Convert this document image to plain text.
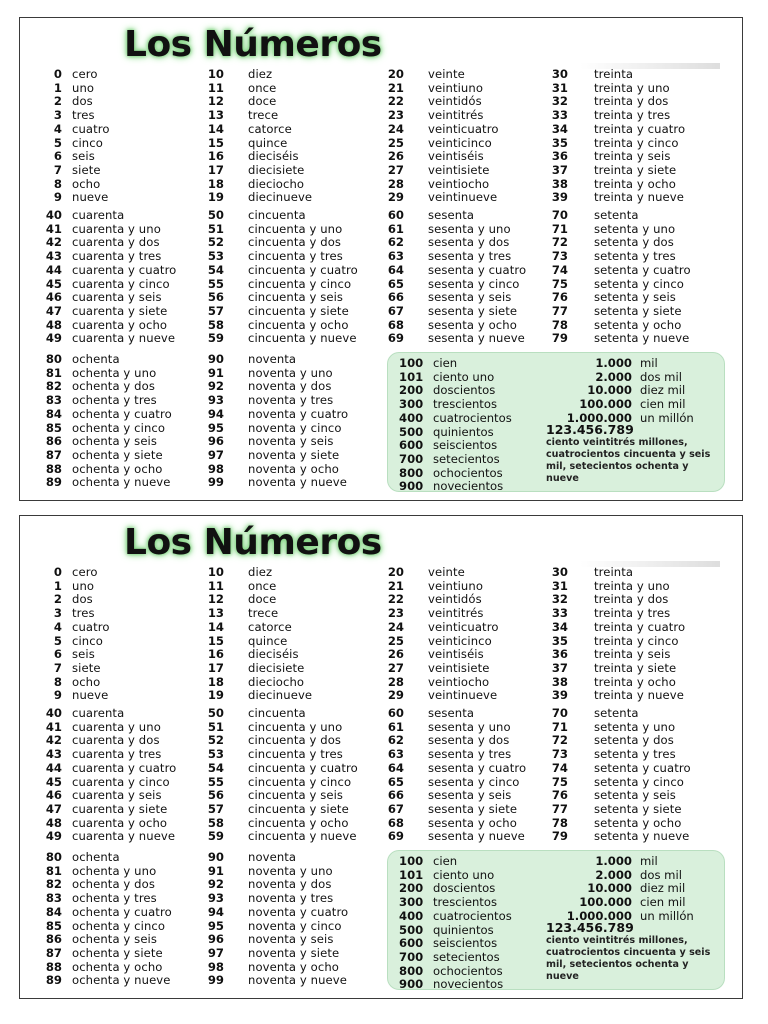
Los Números
0 cero
1 uno
2 dos
3 tres
4 cuatro
5 cinco
6 seis
7 siete
8 ocho
9 nueve
40 cuarenta
41 cuarenta y uno
42 cuarenta y dos
43 cuarenta y tres
44 cuarenta y cuatro
45 cuarenta y cinco
46 cuarenta y seis
47 cuarenta y siete
48 cuarenta y ocho
49 cuarenta y nueve
80 ochenta
81 ochenta y uno
82 ochenta y dos
83 ochenta y tres
84 ochenta y cuatro
85 ochenta y cinco
86 ochenta y seis
87 ochenta y siete
88 ochenta y ocho
89 ochenta y nueve
10 diez
11 once
12 doce
13 trece
14 catorce
15 quince
16 dieciséis
17 diecisiete
18 dieciocho
19 diecinueve
50 cincuenta
51 cincuenta y uno
52 cincuenta y dos
53 cincuenta y tres
54 cincuenta y cuatro
55 cincuenta y cinco
56 cincuenta y seis
57 cincuenta y siete
58 cincuenta y ocho
59 cincuenta y nueve
90 noventa
91 noventa y uno
92 noventa y dos
93 noventa y tres
94 noventa y cuatro
95 noventa y cinco
96 noventa y seis
97 noventa y siete
98 noventa y ocho
99 noventa y nueve
20 veinte
21 veintiuno
22 veintidós
23 veintitrés
24 veinticuatro
25 veinticinco
26 veintiséis
27 veintisiete
28 veintiocho
29 veintinueve
60 sesenta
61 sesenta y uno
62 sesenta y dos
63 sesenta y tres
64 sesenta y cuatro
65 sesenta y cinco
66 sesenta y seis
67 sesenta y siete
68 sesenta y ocho
69 sesenta y nueve
30 treinta
31 treinta y uno
32 treinta y dos
33 treinta y tres
34 treinta y cuatro
35 treinta y cinco
36 treinta y seis
37 treinta y siete
38 treinta y ocho
39 treinta y nueve
70 setenta
71 setenta y uno
72 setenta y dos
73 setenta y tres
74 setenta y cuatro
75 setenta y cinco
76 setenta y seis
77 setenta y siete
78 setenta y ocho
79 setenta y nueve
100 cien
101 ciento uno
200 doscientos
300 trescientos
400 cuatrocientos
500 quinientos
600 seiscientos
700 setecientos
800 ochocientos
900 novecientos
1.000 mil
2.000 dos mil
10.000 diez mil
100.000 cien mil
1.000.000 un millón
123.456.789
ciento veintitrés millones, cuatrocientos cincuenta y seis mil, setecientos ochenta y nueve
Los Números
0 cero
1 uno
2 dos
3 tres
4 cuatro
5 cinco
6 seis
7 siete
8 ocho
9 nueve
40 cuarenta
41 cuarenta y uno
42 cuarenta y dos
43 cuarenta y tres
44 cuarenta y cuatro
45 cuarenta y cinco
46 cuarenta y seis
47 cuarenta y siete
48 cuarenta y ocho
49 cuarenta y nueve
80 ochenta
81 ochenta y uno
82 ochenta y dos
83 ochenta y tres
84 ochenta y cuatro
85 ochenta y cinco
86 ochenta y seis
87 ochenta y siete
88 ochenta y ocho
89 ochenta y nueve
10 diez
11 once
12 doce
13 trece
14 catorce
15 quince
16 dieciséis
17 diecisiete
18 dieciocho
19 diecinueve
50 cincuenta
51 cincuenta y uno
52 cincuenta y dos
53 cincuenta y tres
54 cincuenta y cuatro
55 cincuenta y cinco
56 cincuenta y seis
57 cincuenta y siete
58 cincuenta y ocho
59 cincuenta y nueve
90 noventa
91 noventa y uno
92 noventa y dos
93 noventa y tres
94 noventa y cuatro
95 noventa y cinco
96 noventa y seis
97 noventa y siete
98 noventa y ocho
99 noventa y nueve
20 veinte
21 veintiuno
22 veintidós
23 veintitrés
24 veinticuatro
25 veinticinco
26 veintiséis
27 veintisiete
28 veintiocho
29 veintinueve
60 sesenta
61 sesenta y uno
62 sesenta y dos
63 sesenta y tres
64 sesenta y cuatro
65 sesenta y cinco
66 sesenta y seis
67 sesenta y siete
68 sesenta y ocho
69 sesenta y nueve
30 treinta
31 treinta y uno
32 treinta y dos
33 treinta y tres
34 treinta y cuatro
35 treinta y cinco
36 treinta y seis
37 treinta y siete
38 treinta y ocho
39 treinta y nueve
70 setenta
71 setenta y uno
72 setenta y dos
73 setenta y tres
74 setenta y cuatro
75 setenta y cinco
76 setenta y seis
77 setenta y siete
78 setenta y ocho
79 setenta y nueve
100 cien
101 ciento uno
200 doscientos
300 trescientos
400 cuatrocientos
500 quinientos
600 seiscientos
700 setecientos
800 ochocientos
900 novecientos
1.000 mil
2.000 dos mil
10.000 diez mil
100.000 cien mil
1.000.000 un millón
123.456.789
ciento veintitrés millones, cuatrocientos cincuenta y seis mil, setecientos ochenta y nueve
